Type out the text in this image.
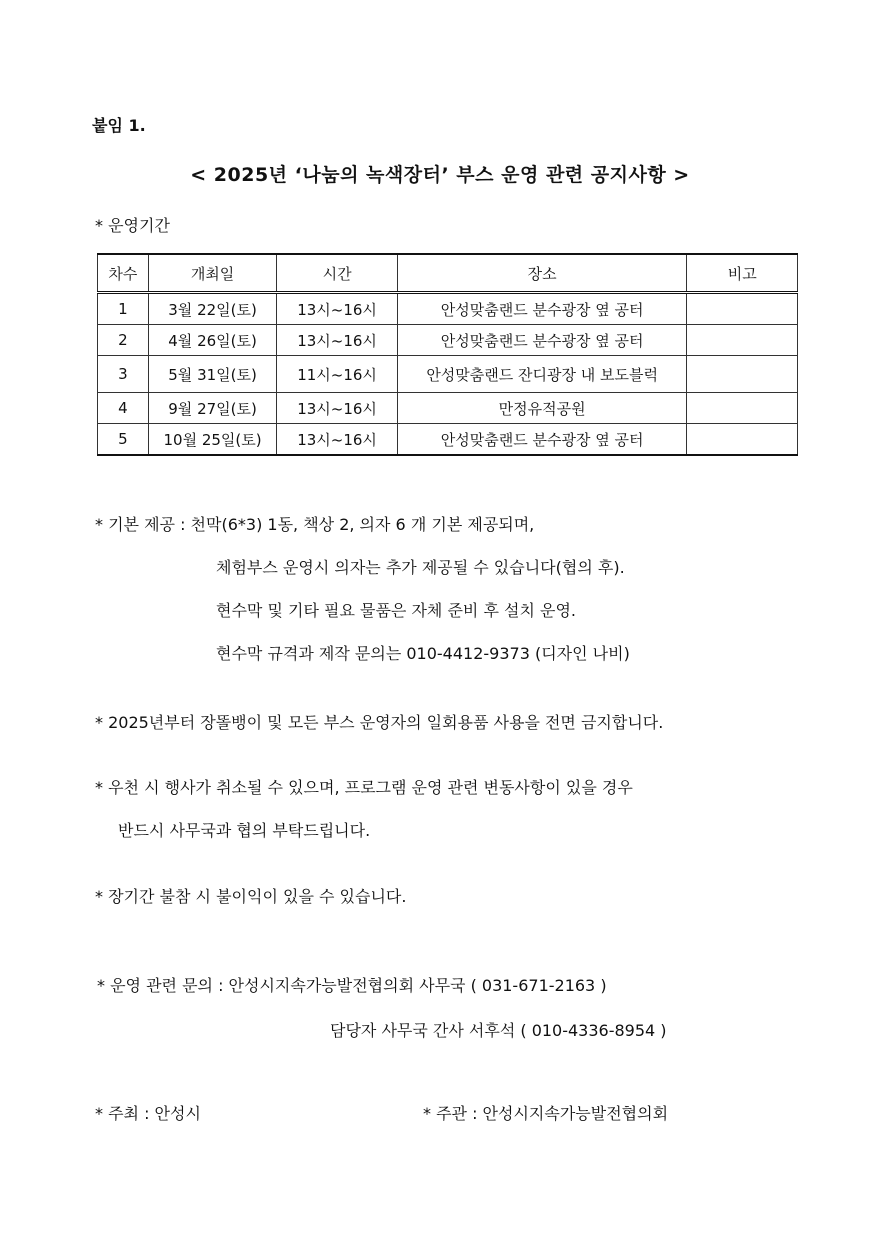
붙임 1.
< 2025년 ‘나눔의 녹색장터’ 부스 운영 관련 공지사항 >
* 운영기간
차수	개최일	시간	장소	비고
1	3월 22일(토)	13시~16시	안성맞춤랜드 분수광장 옆 공터	
2	4월 26일(토)	13시~16시	안성맞춤랜드 분수광장 옆 공터	
3	5월 31일(토)	11시~16시	안성맞춤랜드 잔디광장 내 보도블럭	
4	9월 27일(토)	13시~16시	만정유적공원	
5	10월 25일(토)	13시~16시	안성맞춤랜드 분수광장 옆 공터	
* 기본 제공 : 천막(6*3) 1동, 책상 2, 의자 6 개 기본 제공되며,
체험부스 운영시 의자는 추가 제공될 수 있습니다(협의 후).
현수막 및 기타 필요 물품은 자체 준비 후 설치 운영.
현수막 규격과 제작 문의는 010-4412-9373 (디자인 나비)
* 2025년부터 장똘뱅이 및 모든 부스 운영자의 일회용품 사용을 전면 금지합니다.
* 우천 시 행사가 취소될 수 있으며, 프로그램 운영 관련 변동사항이 있을 경우
반드시 사무국과 협의 부탁드립니다.
* 장기간 불참 시 불이익이 있을 수 있습니다.
* 운영 관련 문의 : 안성시지속가능발전협의회 사무국 ( 031-671-2163 )
담당자 사무국 간사 서후석 ( 010-4336-8954 )
* 주최 : 안성시	* 주관 : 안성시지속가능발전협의회
